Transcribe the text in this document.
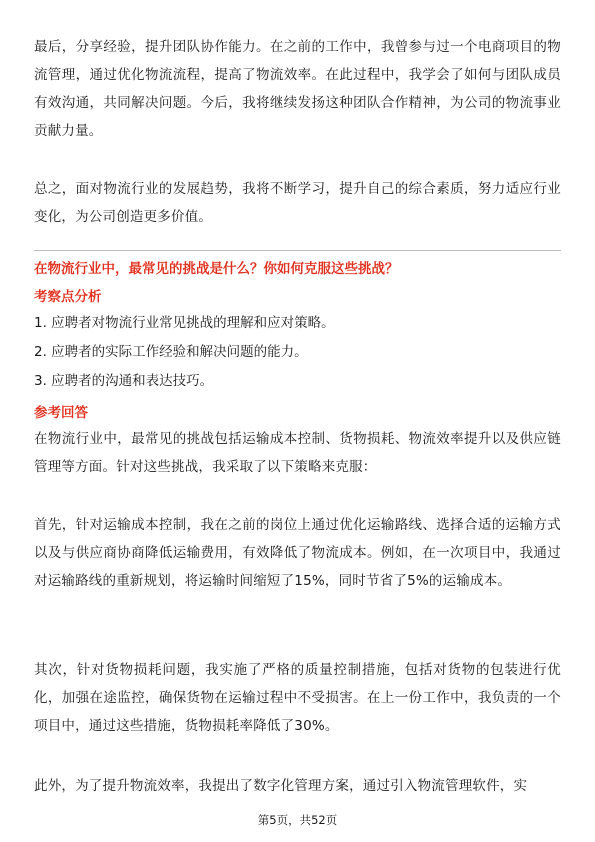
最后，分享经验，提升团队协作能力。在之前的工作中，我曾参与过一个电商项目的物流管理，通过优化物流流程，提高了物流效率。在此过程中，我学会了如何与团队成员有效沟通，共同解决问题。今后，我将继续发扬这种团队合作精神，为公司的物流事业贡献力量。

总之，面对物流行业的发展趋势，我将不断学习，提升自己的综合素质，努力适应行业变化，为公司创造更多价值。

在物流行业中，最常见的挑战是什么？你如何克服这些挑战？

考察点分析

1. 应聘者对物流行业常见挑战的理解和应对策略。
2. 应聘者的实际工作经验和解决问题的能力。
3. 应聘者的沟通和表达技巧。

参考回答

在物流行业中，最常见的挑战包括运输成本控制、货物损耗、物流效率提升以及供应链管理等方面。针对这些挑战，我采取了以下策略来克服：

首先，针对运输成本控制，我在之前的岗位上通过优化运输路线、选择合适的运输方式以及与供应商协商降低运输费用，有效降低了物流成本。例如，在一次项目中，我通过对运输路线的重新规划，将运输时间缩短了15%，同时节省了5%的运输成本。

其次，针对货物损耗问题，我实施了严格的质量控制措施，包括对货物的包装进行优化，加强在途监控，确保货物在运输过程中不受损害。在上一份工作中，我负责的一个项目中，通过这些措施，货物损耗率降低了30%。

此外，为了提升物流效率，我提出了数字化管理方案，通过引入物流管理软件，实

第5页，共52页
